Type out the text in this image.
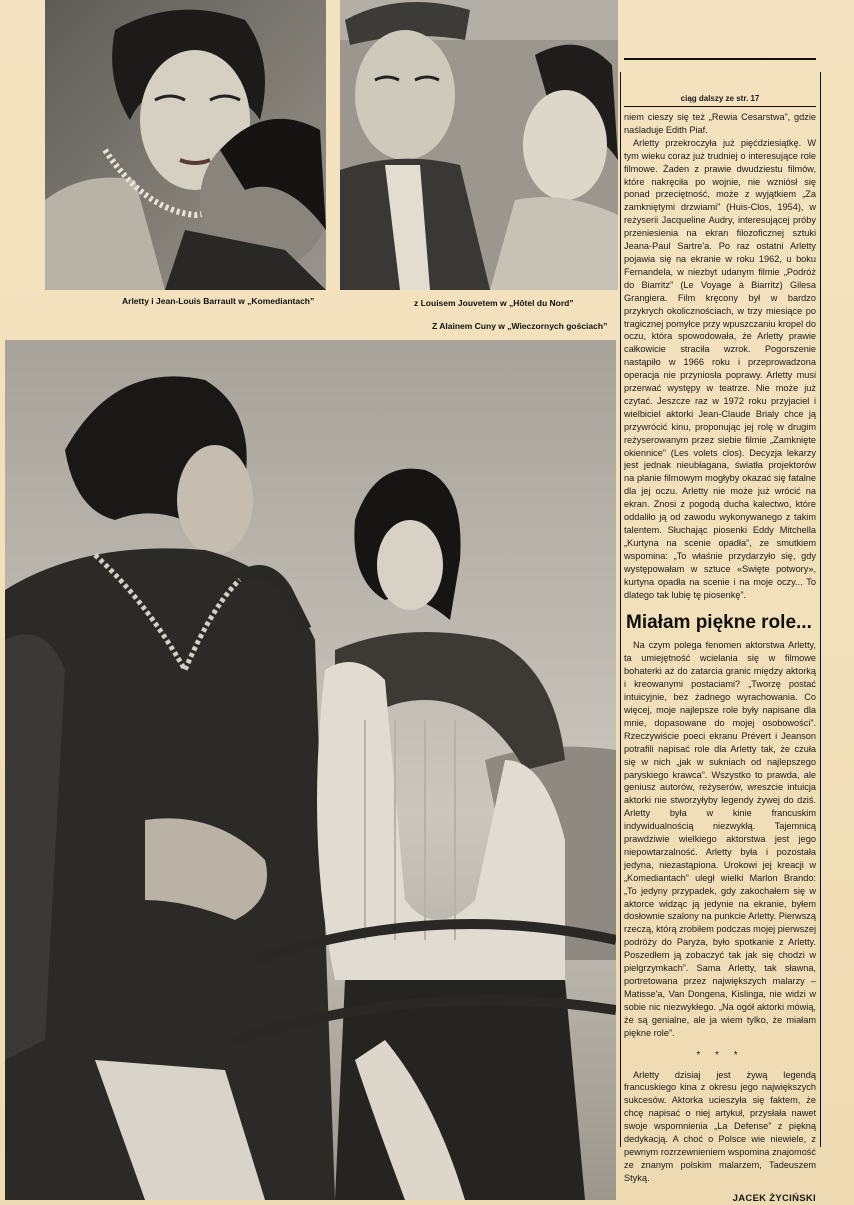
Arletty i Jean-Louis Barrault w „Komediantach”	z Louisem Jouvetem w „Hôtel du Nord”
Z Alainem Cuny w „Wieczornych gościach”
ciąg dalszy ze str. 17

niem cieszy się też „Rewia Cesarstwa”, gdzie naśladuje Edith Piaf.

Arletty przekroczyła już pięćdziesiątkę. W tym wieku coraz już trudniej o interesujące role filmowe. Żaden z prawie dwudziestu filmów, które nakręciła po wojnie, nie wzniósł się ponad przeciętność, może z wyjątkiem „Za zamkniętymi drzwiami” (Huis-Clos, 1954), w reżyserii Jacqueline Audry, interesującej próby przeniesienia na ekran filozoficznej sztuki Jeana-Paul Sartre'a. Po raz ostatni Arletty pojawia się na ekranie w roku 1962, u boku Fernandela, w niezbyt udanym filmie „Podróż do Biarritz” (Le Voyage à Biarritz) Gilesa Grangiera. Film kręcony był w bardzo przykrych okolicznościach, w trzy miesiące po tragicznej pomyłce przy wpuszczaniu kropel do oczu, która spowodowała, że Arletty prawie całkowicie straciła wzrok. Pogorszenie nastąpiło w 1966 roku i przeprowadzona operacja nie przyniosła poprawy. Arletty musi przerwać występy w teatrze. Nie może już czytać. Jeszcze raz w 1972 roku przyjaciel i wielbiciel aktorki Jean-Claude Brialy chce ją przywrócić kinu, proponując jej rolę w drugim reżyserowanym przez siebie filmie „Zamknięte okiennice” (Les volets clos). Decyzja lekarzy jest jednak nieubłagana, światła projektorów na planie filmowym mogłyby okazać się fatalne dla jej oczu. Arletty nie może już wrócić na ekran. Znosi z pogodą ducha kalectwo, które oddaliło ją od zawodu wykonywanego z takim talentem. Słuchając piosenki Eddy Mitchella „Kurtyna na scenie opadła”, ze smutkiem wspomina: „To właśnie przydarzyło się, gdy występowałam w sztuce «Swięte potwory», kurtyna opadła na scenie i na moje oczy... To dlatego tak lubię tę piosenkę”.

Miałam piękne role...

Na czym polega fenomen aktorstwa Arletty, ta umiejętność wcielania się w filmowe bohaterki aż do zatarcia granic między aktorką i kreowanymi postaciami? „Tworzę postać intuicyjnie, bez żadnego wyrachowania. Co więcej, moje najlepsze role były napisane dla mnie, dopasowane do mojej osobowości”. Rzeczywiście poeci ekranu Prévert i Jeanson potrafili napisać role dla Arletty tak, że czuła się w nich „jak w sukniach od najlepszego paryskiego krawca”. Wszystko to prawda, ale geniusz autorów, reżyserów, wreszcie intuicja aktorki nie stworzyłyby legendy żywej do dziś. Arletty była w kinie francuskim indywidualnością niezwykłą. Tajemnicą prawdziwie wielkiego aktorstwa jest jego niepowtarzalność. Arletty była i pozostała jedyna, niezastąpiona. Urokowi jej kreacji w „Komediantach” uległ wielki Marlon Brando: „To jedyny przypadek, gdy zakochałem się w aktorce widząc ją jedynie na ekranie, byłem dosłownie szalony na punkcie Arletty. Pierwszą rzeczą, którą zrobiłem podczas mojej pierwszej podróży do Paryża, było spotkanie z Arletty. Poszedłem ją zobaczyć tak jak się chodzi w pielgrzymkach”. Sama Arletty, tak sławna, portretowana przez największych malarzy – Matisse'a, Van Dongena, Kislinga, nie widzi w sobie nic niezwykłego. „Na ogół aktorki mówią, że są genialne, ale ja wiem tylko, że miałam piękne role”.

* * *

Arletty dzisiaj jest żywą legendą francuskiego kina z okresu jego największych sukcesów. Aktorka ucieszyła się faktem, że chcę napisać o niej artykuł, przysłała nawet swoje wspomnienia „La Defense” z piękną dedykacją. A choć o Polsce wie niewiele, z pewnym rozrzewnieniem wspomina znajomość ze znanym polskim malarzem, Tadeuszem Styką.

JACEK ŻYCIŃSKI
